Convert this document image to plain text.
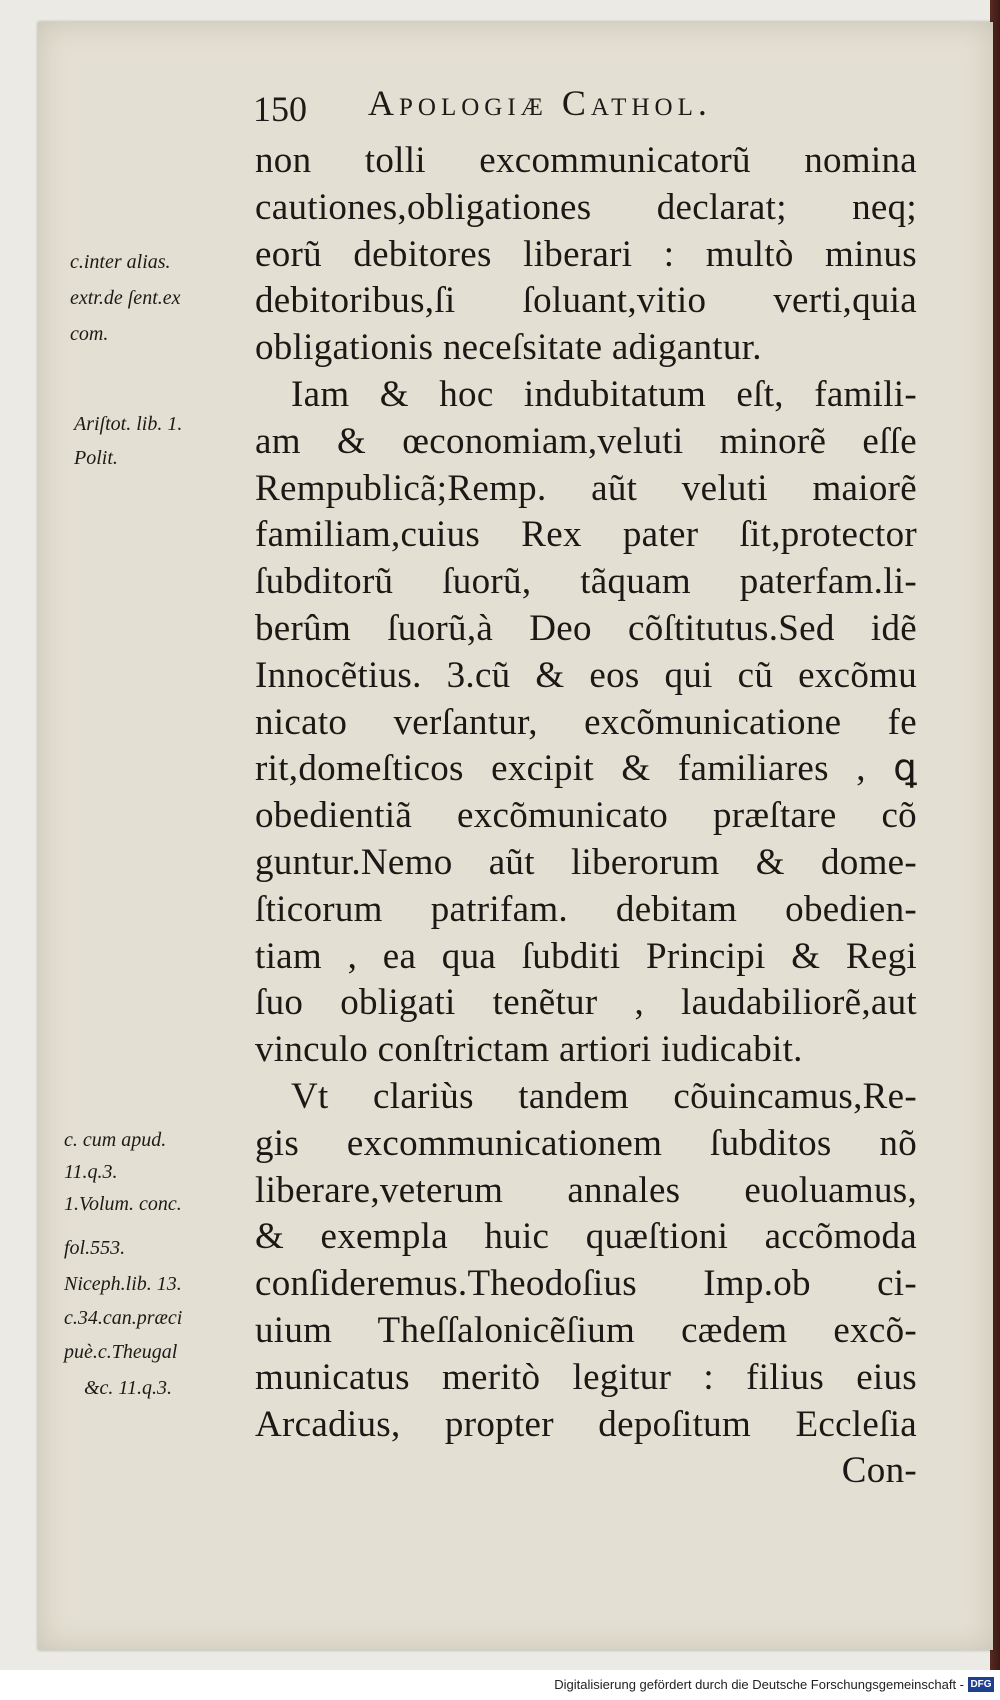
150 Apologiæ Cathol.
non tolli excommunicatorũ nomina
cautiones,obligationes declarat; neq;
eorũ debitores liberari : multò minus
debitoribus,ſi ſoluant,vitio verti,quia
obligationis neceſsitate adigantur.
Iam & hoc indubitatum eſt, famili-
am & œconomiam,veluti minorẽ eſſe
Rempublicã;Remp. aũt veluti maiorẽ
familiam,cuius Rex pater ſit,protector
ſubditorũ ſuorũ, tãquam paterfam.li-
berûm ſuorũ,à Deo cõſtitutus.Sed idẽ
Innocẽtius. 3.cũ & eos qui cũ excõmu
nicato verſantur, excõmunicatione fe
rit,domeſticos excipit & familiares , ꝗ
obedientiã excõmunicato præſtare cõ
guntur.Nemo aũt liberorum & dome-
ſticorum patrifam. debitam obedien-
tiam , ea qua ſubditi Principi & Regi
ſuo obligati tenẽtur , laudabiliorẽ,aut
vinculo conſtrictam artiori iudicabit.
Vt clariùs tandem cõuincamus,Re-
gis excommunicationem ſubditos nõ
liberare,veterum annales euoluamus,
& exempla huic quæſtioni accõmoda
conſideremus.Theodoſius Imp.ob ci-
uium Theſſalonicẽſium cædem excõ-
municatus meritò legitur : filius eius
Arcadius, propter depoſitum Eccleſia
Con-
c.inter alias.
extr.de ſent.ex
com.
Ariſtot. lib. 1.
Polit.
c. cum apud.
11.q.3.
1.Volum. conc.
fol.553.
Niceph.lib. 13.
c.34.can.præci
puè.c.Theugal
&c. 11.q.3.
Digitalisierung gefördert durch die Deutsche Forschungsgemeinschaft - DFG
